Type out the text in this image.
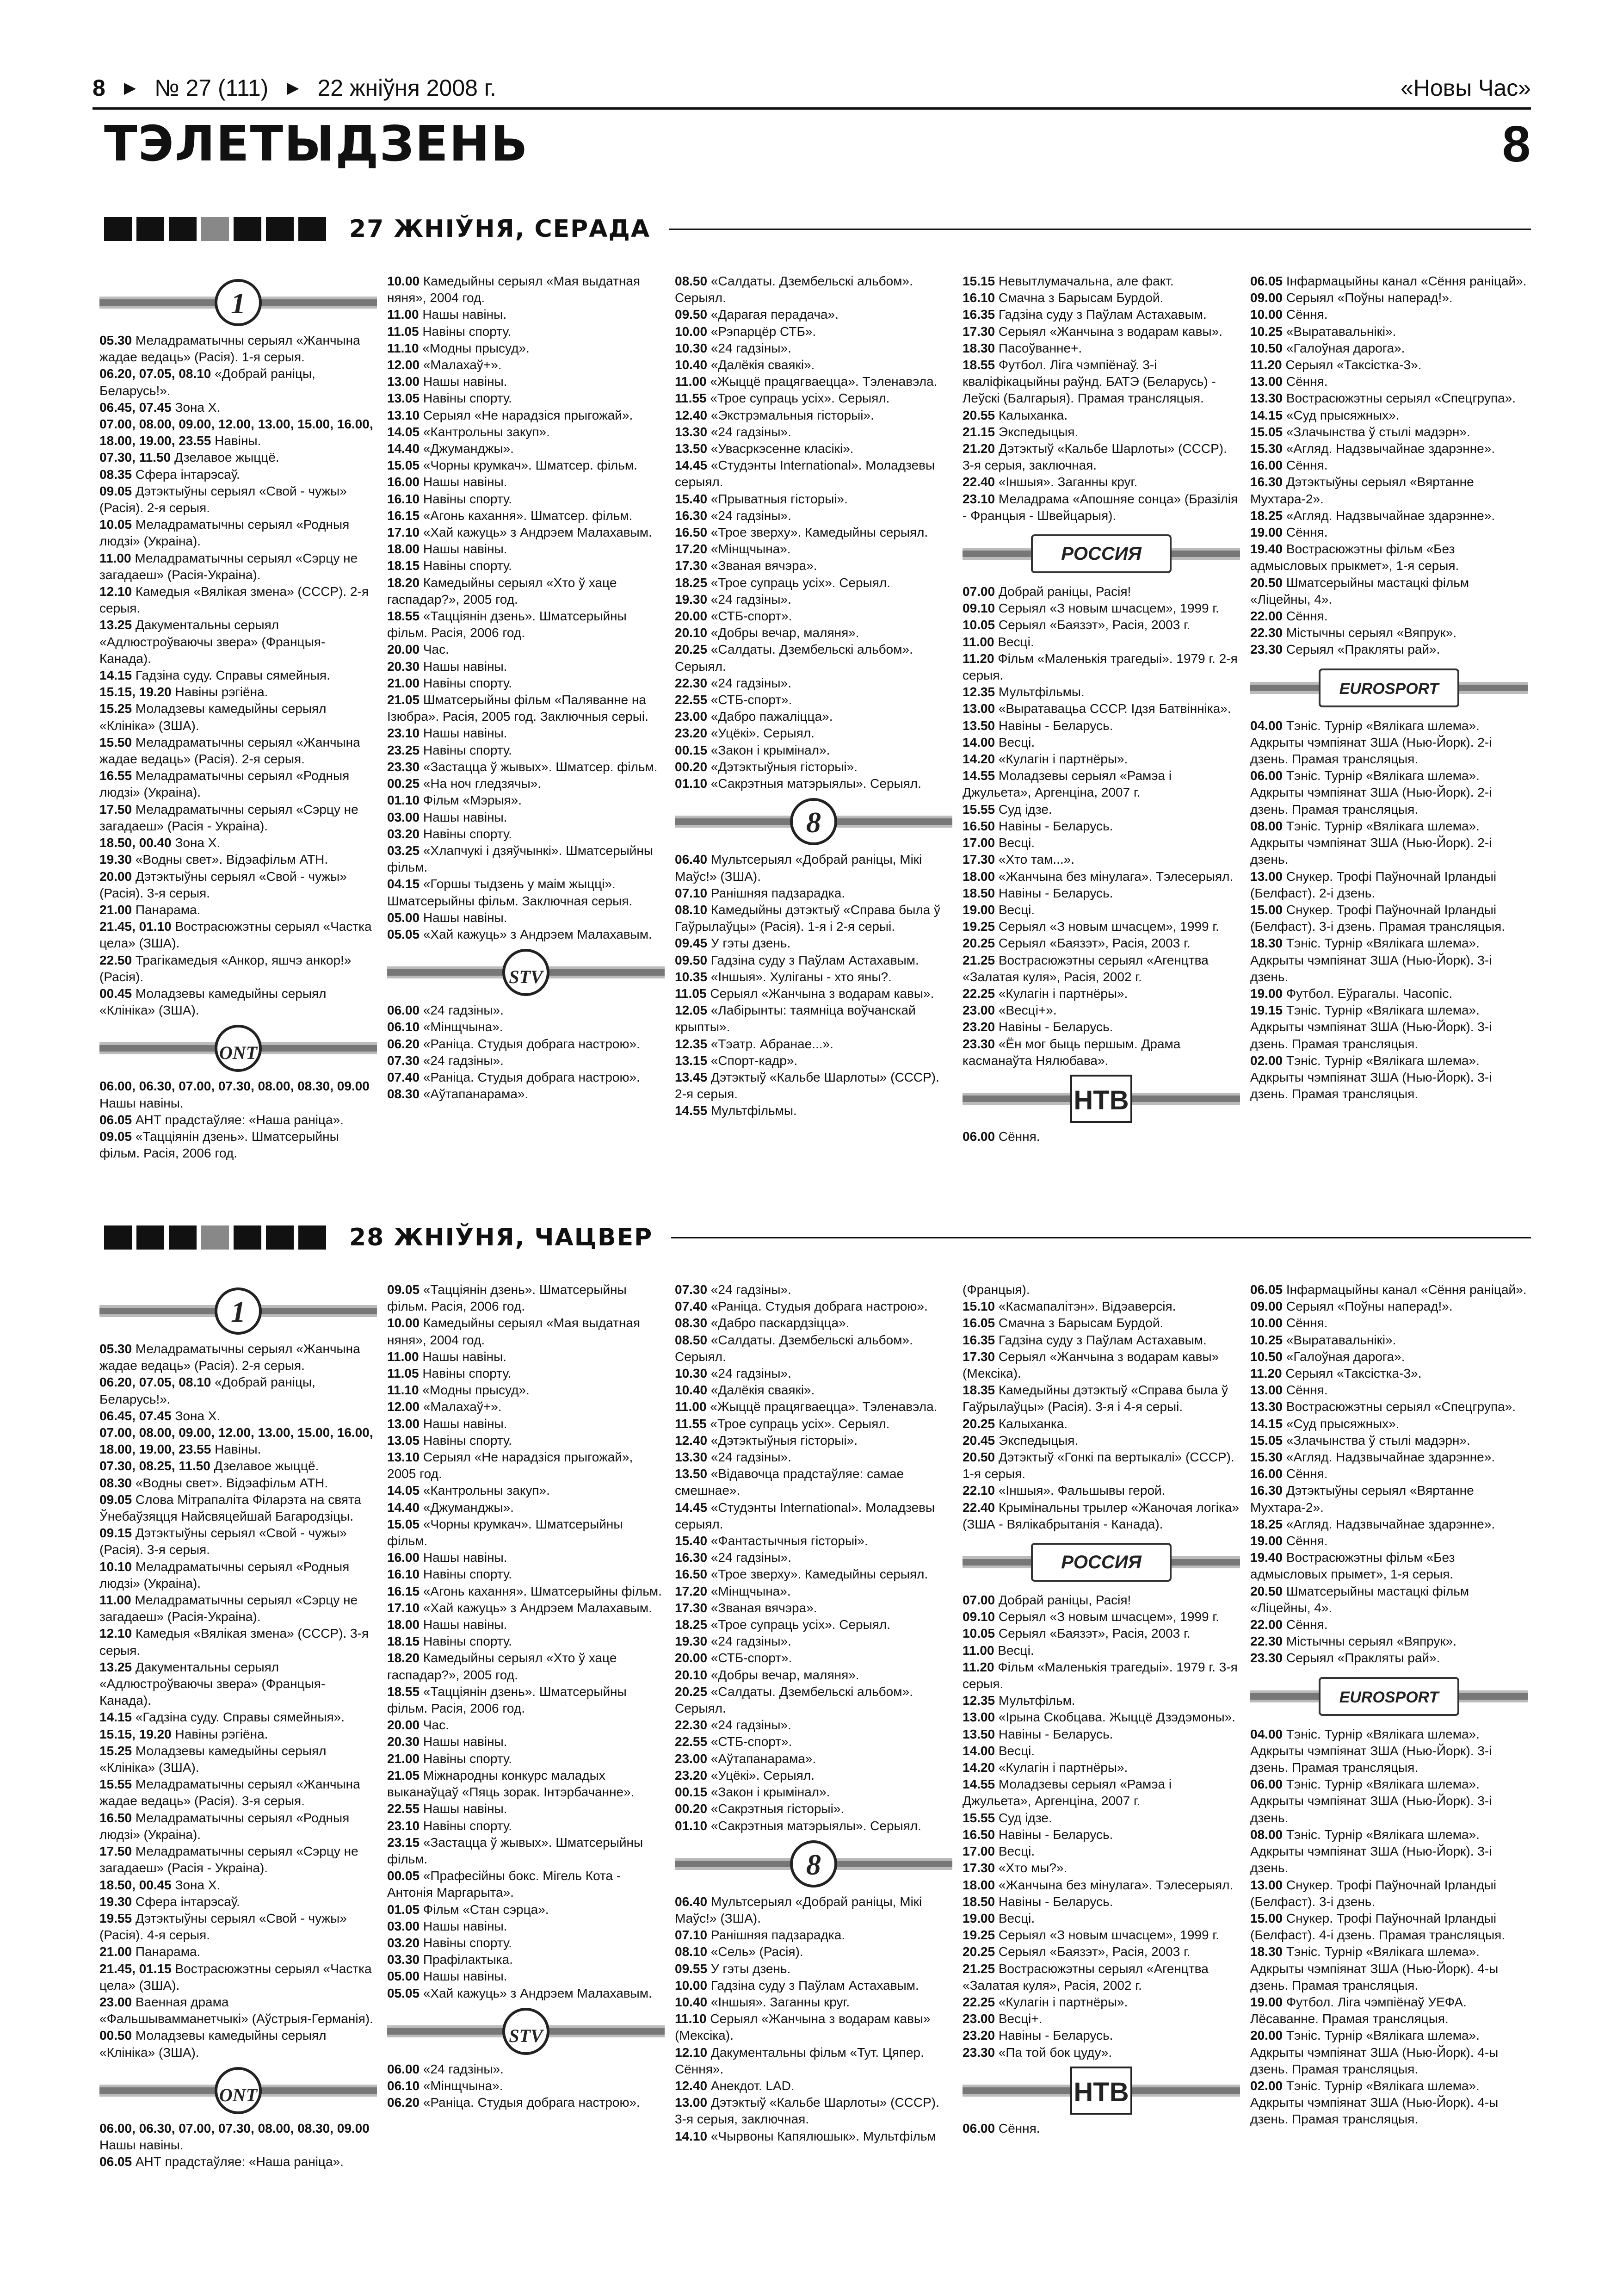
8 ▶ № 27 (111) ▶ 22 жніўня 2008 г.	«Новы Час»
ТЭЛЕТЫДЗЕНЬ	8
27 ЖНІЎНЯ, СЕРАДА
1

05.30 Меладраматычны серыял «Жанчына жадае ведаць» (Расія). 1-я серыя.

06.20, 07.05, 08.10 «Добрай раніцы, Беларусь!».

06.45, 07.45 Зона Х.

07.00, 08.00, 09.00, 12.00, 13.00, 15.00, 16.00, 18.00, 19.00, 23.55 Навіны.

07.30, 11.50 Дзелавое жыццё.

08.35 Сфера інтарэсаў.

09.05 Дэтэктыўны серыял «Свой - чужы» (Расія). 2-я серыя.

10.05 Меладраматычны серыял «Родныя людзі» (Украіна).

11.00 Меладраматычны серыял «Сэрцу не загадаеш» (Расія-Украіна).

12.10 Камедыя «Вялікая змена» (СССР). 2-я серыя.

13.25 Дакументальны серыял «Адлюстроўваючы звера» (Францыя-Канада).

14.15 Гадзіна суду. Справы сямейныя.

15.15, 19.20 Навіны рэгіёна.

15.25 Моладзевы камедыйны серыял «Клініка» (ЗША).

15.50 Меладраматычны серыял «Жанчына жадае ведаць» (Расія). 2-я серыя.

16.55 Меладраматычны серыял «Родныя людзі» (Украіна).

17.50 Меладраматычны серыял «Сэрцу не загадаеш» (Расія - Украіна).

18.50, 00.40 Зона Х.

19.30 «Водны свет». Відэафільм АТН.

20.00 Дэтэктыўны серыял «Свой - чужы» (Расія). 3-я серыя.

21.00 Панарама.

21.45, 01.10 Вострасюжэтны серыял «Частка цела» (ЗША).

22.50 Трагікамедыя «Анкор, яшчэ анкор!» (Расія).

00.45 Моладзевы камедыйны серыял «Клініка» (ЗША).

ONT

06.00, 06.30, 07.00, 07.30, 08.00, 08.30, 09.00 Нашы навіны.

06.05 АНТ прадстаўляе: «Наша раніца».

09.05 «Тацціянін дзень». Шматсерыйны фільм. Расія, 2006 год.

10.00 Камедыйны серыял «Мая выдатная няня», 2004 год.

11.00 Нашы навіны.

11.05 Навіны спорту.

11.10 «Модны прысуд».

12.00 «Малахаў+».

13.00 Нашы навіны.

13.05 Навіны спорту.

13.10 Серыял «Не нарадзіся прыгожай».

14.05 «Кантрольны закуп».

14.40 «Джуманджы».

15.05 «Чорны крумкач». Шматсер. фільм.

16.00 Нашы навіны.

16.10 Навіны спорту.

16.15 «Агонь кахання». Шматсер. фільм.

17.10 «Хай кажуць» з Андрэем Малахавым.

18.00 Нашы навіны.

18.15 Навіны спорту.

18.20 Камедыйны серыял «Хто ў хаце гаспадар?», 2005 год.

18.55 «Тацціянін дзень». Шматсерыйны фільм. Расія, 2006 год.

20.00 Час.

20.30 Нашы навіны.

21.00 Навіны спорту.

21.05 Шматсерыйны фільм «Паляванне на Ізюбра». Расія, 2005 год. Заключныя серыі.

23.10 Нашы навіны.

23.25 Навіны спорту.

23.30 «Застацца ў жывых». Шматсер. фільм.

00.25 «На ноч гледзячы».

01.10 Фільм «Мэрыя».

03.00 Нашы навіны.

03.20 Навіны спорту.

03.25 «Хлапчукі і дзяўчынкі». Шматсерыйны фільм.

04.15 «Горшы тыдзень у маім жыцці». Шматсерыйны фільм. Заключная серыя.

05.00 Нашы навіны.

05.05 «Хай кажуць» з Андрэем Малахавым.

STV

06.00 «24 гадзіны».

06.10 «Мінщчына».

06.20 «Раніца. Студыя добрага настрою».

07.30 «24 гадзіны».

07.40 «Раніца. Студыя добрага настрою».

08.30 «Аўтапанарама».

08.50 «Салдаты. Дзембельскі альбом». Серыял.

09.50 «Дарагая перадача».

10.00 «Рэпарцёр СТБ».

10.30 «24 гадзіны».

10.40 «Далёкія сваякі».

11.00 «Жыццё працягваецца». Тэленавэла.

11.55 «Трое супраць усіх». Серыял.

12.40 «Экстрэмальныя гісторыі».

13.30 «24 гадзіны».

13.50 «Увасркэсенне класікі».

14.45 «Студэнты International». Моладзевы серыял.

15.40 «Прыватныя гісторыі».

16.30 «24 гадзіны».

16.50 «Трое зверху». Камедыйны серыял.

17.20 «Мінщчына».

17.30 «Званая вячэра».

18.25 «Трое супраць усіх». Серыял.

19.30 «24 гадзіны».

20.00 «СТБ-спорт».

20.10 «Добры вечар, маляня».

20.25 «Салдаты. Дзембельскі альбом». Серыял.

22.30 «24 гадзіны».

22.55 «СТБ-спорт».

23.00 «Дабро пажаліцца».

23.20 «Уцёкі». Серыял.

00.15 «Закон і крымінал».

00.20 «Дэтэктыўныя гісторыі».

01.10 «Сакрэтныя матэрыялы». Серыял.

8

06.40 Мультсерыял «Добрай раніцы, Мікі Маўс!» (ЗША).

07.10 Ранішняя падзарадка.

08.10 Камедыйны дэтэктыў «Справа была ў Гаўрылаўцы» (Расія). 1-я і 2-я серыі.

09.45 У гэты дзень.

09.50 Гадзіна суду з Паўлам Астахавым.

10.35 «Іншыя». Хуліганы - хто яны?.

11.05 Серыял «Жанчына з водарам кавы».

12.05 «Лабірынты: таямніца воўчанскай крыпты».

12.35 «Тэатр. Абранае...».

13.15 «Спорт-кадр».

13.45 Дэтэктыў «Кальбе Шарлоты» (СССР). 2-я серыя.

14.55 Мультфільмы.

15.15 Невытлумачальна, але факт.

16.10 Смачна з Барысам Бурдой.

16.35 Гадзіна суду з Паўлам Астахавым.

17.30 Серыял «Жанчына з водарам кавы».

18.30 Пасоўванне+.

18.55 Футбол. Ліга чэмпіёнаў. 3-і кваліфікацыйны раўнд. БАТЭ (Беларусь) - Леўскі (Балгарыя). Прамая трансляцыя.

20.55 Калыханка.

21.15 Экспедыцыя.

21.20 Дэтэктыў «Кальбе Шарлоты» (СССР). 3-я серыя, заключная.

22.40 «Іншыя». Заганны круг.

23.10 Меладрама «Апошняе сонца» (Бразілія - Францыя - Швейцарыя).

РОССИЯ

07.00 Добрай раніцы, Расія!

09.10 Серыял «З новым шчасцем», 1999 г.

10.05 Серыял «Баязэт», Расія, 2003 г.

11.00 Весці.

11.20 Фільм «Маленькія трагедыі». 1979 г. 2-я серыя.

12.35 Мультфільмы.

13.00 «Выратавацьа СССР. Ідзя Батвінніка».

13.50 Навіны - Беларусь.

14.00 Весці.

14.20 «Кулагін і партнёры».

14.55 Моладзевы серыял «Рамэа і Джульета», Аргенціна, 2007 г.

15.55 Суд ідзе.

16.50 Навіны - Беларусь.

17.00 Весці.

17.30 «Хто там...».

18.00 «Жанчына без мінулага». Тэлесерыял.

18.50 Навіны - Беларусь.

19.00 Весці.

19.25 Серыял «З новым шчасцем», 1999 г.

20.25 Серыял «Баязэт», Расія, 2003 г.

21.25 Вострасюжэтны серыял «Агенцтва «Залатая куля», Расія, 2002 г.

22.25 «Кулагін і партнёры».

23.00 «Весці+».

23.20 Навіны - Беларусь.

23.30 «Ён мог быць першым. Драма касманаўта Нялюбава».

НТВ

06.00 Сёння.

06.05 Інфармацыйны канал «Сёння раніцай».

09.00 Серыял «Поўны наперад!».

10.00 Сёння.

10.25 «Выратавальнікі».

10.50 «Галоўная дарога».

11.20 Серыял «Таксістка-3».

13.00 Сёння.

13.30 Вострасюжэтны серыял «Спецгрупа».

14.15 «Суд прысяжных».

15.05 «Злачынства ў стылі мадэрн».

15.30 «Агляд. Надзвычайнае здарэнне».

16.00 Сёння.

16.30 Дэтэктыўны серыял «Вяртанне Мухтара-2».

18.25 «Агляд. Надзвычайнае здарэнне».

19.00 Сёння.

19.40 Вострасюжэтны фільм «Без адмысловых прыкмет», 1-я серыя.

20.50 Шматсерыйны мастацкі фільм «Ліцейны, 4».

22.00 Сёння.

22.30 Містычны серыял «Вяпрук».

23.30 Серыял «Пракляты рай».

EUROSPORT

04.00 Тэніс. Турнір «Вялікага шлема». Адкрыты чэмпіянат ЗША (Нью-Йорк). 2-і дзень. Прамая трансляцыя.

06.00 Тэніс. Турнір «Вялікага шлема». Адкрыты чэмпіянат ЗША (Нью-Йорк). 2-і дзень. Прамая трансляцыя.

08.00 Тэніс. Турнір «Вялікага шлема». Адкрыты чэмпіянат ЗША (Нью-Йорк). 2-і дзень.

13.00 Снукер. Трофі Паўночнай Ірландыі (Белфаст). 2-і дзень.

15.00 Снукер. Трофі Паўночнай Ірландыі (Белфаст). 3-і дзень. Прамая трансляцыя.

18.30 Тэніс. Турнір «Вялікага шлема». Адкрыты чэмпіянат ЗША (Нью-Йорк). 3-і дзень.

19.00 Футбол. Еўрагалы. Часопіс.

19.15 Тэніс. Турнір «Вялікага шлема». Адкрыты чэмпіянат ЗША (Нью-Йорк). 3-і дзень. Прамая трансляцыя.

02.00 Тэніс. Турнір «Вялікага шлема». Адкрыты чэмпіянат ЗША (Нью-Йорк). 3-і дзень. Прамая трансляцыя.

28 ЖНІЎНЯ, ЧАЦВЕР
1

05.30 Меладраматычны серыял «Жанчына жадае ведаць» (Расія). 2-я серыя.

06.20, 07.05, 08.10 «Добрай раніцы, Беларусь!».

06.45, 07.45 Зона Х.

07.00, 08.00, 09.00, 12.00, 13.00, 15.00, 16.00, 18.00, 19.00, 23.55 Навіны.

07.30, 08.25, 11.50 Дзелавое жыццё.

08.30 «Водны свет». Відэафільм АТН.

09.05 Слова Мітрапаліта Філарэта на свята Ўнебаўзяцця Найсвяцейшай Багародзіцы.

09.15 Дэтэктыўны серыял «Свой - чужы» (Расія). 3-я серыя.

10.10 Меладраматычны серыял «Родныя людзі» (Украіна).

11.00 Меладраматычны серыял «Сэрцу не загадаеш» (Расія-Украіна).

12.10 Камедыя «Вялікая змена» (СССР). 3-я серыя.

13.25 Дакументальны серыял «Адлюстроўваючы звера» (Францыя-Канада).

14.15 «Гадзіна суду. Справы сямейныя».

15.15, 19.20 Навіны рэгіёна.

15.25 Моладзевы камедыйны серыял «Клініка» (ЗША).

15.55 Меладраматычны серыял «Жанчына жадае ведаць» (Расія). 3-я серыя.

16.50 Меладраматычны серыял «Родныя людзі» (Украіна).

17.50 Меладраматычны серыял «Сэрцу не загадаеш» (Расія - Украіна).

18.50, 00.45 Зона Х.

19.30 Сфера інтарэсаў.

19.55 Дэтэктыўны серыял «Свой - чужы» (Расія). 4-я серыя.

21.00 Панарама.

21.45, 01.15 Вострасюжэтны серыял «Частка цела» (ЗША).

23.00 Ваенная драма «Фальшывамманетчыкі» (Аўстрыя-Германія).

00.50 Моладзевы камедыйны серыял «Клініка» (ЗША).

ONT

06.00, 06.30, 07.00, 07.30, 08.00, 08.30, 09.00 Нашы навіны.

06.05 АНТ прадстаўляе: «Наша раніца».

09.05 «Тацціянін дзень». Шматсерыйны фільм. Расія, 2006 год.

10.00 Камедыйны серыял «Мая выдатная няня», 2004 год.

11.00 Нашы навіны.

11.05 Навіны спорту.

11.10 «Модны прысуд».

12.00 «Малахаў+».

13.00 Нашы навіны.

13.05 Навіны спорту.

13.10 Серыял «Не нарадзіся прыгожай», 2005 год.

14.05 «Кантрольны закуп».

14.40 «Джуманджы».

15.05 «Чорны крумкач». Шматсерыйны фільм.

16.00 Нашы навіны.

16.10 Навіны спорту.

16.15 «Агонь кахання». Шматсерыйны фільм.

17.10 «Хай кажуць» з Андрэем Малахавым.

18.00 Нашы навіны.

18.15 Навіны спорту.

18.20 Камедыйны серыял «Хто ў хаце гаспадар?», 2005 год.

18.55 «Тацціянін дзень». Шматсерыйны фільм. Расія, 2006 год.

20.00 Час.

20.30 Нашы навіны.

21.00 Навіны спорту.

21.05 Міжнародны конкурс маладых выканаўцаў «Пяць зорак. Інтэрбачанне».

22.55 Нашы навіны.

23.10 Навіны спорту.

23.15 «Застацца ў жывых». Шматсерыйны фільм.

00.05 «Прафесійны бокс. Мігель Кота - Антонія Маргарыта».

01.05 Фільм «Стан сэрца».

03.00 Нашы навіны.

03.20 Навіны спорту.

03.30 Прафілактыка.

05.00 Нашы навіны.

05.05 «Хай кажуць» з Андрэем Малахавым.

STV

06.00 «24 гадзіны».

06.10 «Мінщчына».

06.20 «Раніца. Студыя добрага настрою».

07.30 «24 гадзіны».

07.40 «Раніца. Студыя добрага настрою».

08.30 «Дабро паскардзіцца».

08.50 «Салдаты. Дзембельскі альбом». Серыял.

10.30 «24 гадзіны».

10.40 «Далёкія сваякі».

11.00 «Жыццё працягваецца». Тэленавэла.

11.55 «Трое супраць усіх». Серыял.

12.40 «Дэтэктыўныя гісторыі».

13.30 «24 гадзіны».

13.50 «Відавочца прадстаўляе: самае смешнае».

14.45 «Студэнты International». Моладзевы серыял.

15.40 «Фантастычныя гісторыі».

16.30 «24 гадзіны».

16.50 «Трое зверху». Камедыйны серыял.

17.20 «Мінщчына».

17.30 «Званая вячэра».

18.25 «Трое супраць усіх». Серыял.

19.30 «24 гадзіны».

20.00 «СТБ-спорт».

20.10 «Добры вечар, маляня».

20.25 «Салдаты. Дзембельскі альбом». Серыял.

22.30 «24 гадзіны».

22.55 «СТБ-спорт».

23.00 «Аўтапанарама».

23.20 «Уцёкі». Серыял.

00.15 «Закон і крымінал».

00.20 «Сакрэтныя гісторыі».

01.10 «Сакрэтныя матэрыялы». Серыял.

8

06.40 Мультсерыял «Добрай раніцы, Мікі Маўс!» (ЗША).

07.10 Ранішняя падзарадка.

08.10 «Сель» (Расія).

09.55 У гэты дзень.

10.00 Гадзіна суду з Паўлам Астахавым.

10.40 «Іншыя». Заганны круг.

11.10 Серыял «Жанчына з водарам кавы» (Мексіка).

12.10 Дакументальны фільм «Тут. Цяпер. Сёння».

12.40 Анекдот. LAD.

13.00 Дэтэктыў «Кальбе Шарлоты» (СССР). 3-я серыя, заключная.

14.10 «Чырвоны Капялюшык». Мультфільм

(Францыя).

15.10 «Касмапалітэн». Відэаверсія.

16.05 Смачна з Барысам Бурдой.

16.35 Гадзіна суду з Паўлам Астахавым.

17.30 Серыял «Жанчына з водарам кавы» (Мексіка).

18.35 Камедыйны дэтэктыў «Справа была ў Гаўрылаўцы» (Расія). 3-я і 4-я серыі.

20.25 Калыханка.

20.45 Экспедыцыя.

20.50 Дэтэктыў «Гонкі па вертыкалі» (СССР). 1-я серыя.

22.10 «Іншыя». Фальшывы герой.

22.40 Крымінальны трылер «Жаночая логіка» (ЗША - Вялікабрытанія - Канада).

РОССИЯ

07.00 Добрай раніцы, Расія!

09.10 Серыял «З новым шчасцем», 1999 г.

10.05 Серыял «Баязэт», Расія, 2003 г.

11.00 Весці.

11.20 Фільм «Маленькія трагедыі». 1979 г. 3-я серыя.

12.35 Мультфільм.

13.00 «Ірына Скобцава. Жыццё Дзэдэмоны».

13.50 Навіны - Беларусь.

14.00 Весці.

14.20 «Кулагін і партнёры».

14.55 Моладзевы серыял «Рамэа і Джульета», Аргенціна, 2007 г.

15.55 Суд ідзе.

16.50 Навіны - Беларусь.

17.00 Весці.

17.30 «Хто мы?».

18.00 «Жанчына без мінулага». Тэлесерыял.

18.50 Навіны - Беларусь.

19.00 Весці.

19.25 Серыял «З новым шчасцем», 1999 г.

20.25 Серыял «Баязэт», Расія, 2003 г.

21.25 Вострасюжэтны серыял «Агенцтва «Залатая куля», Расія, 2002 г.

22.25 «Кулагін і партнёры».

23.00 Весці+.

23.20 Навіны - Беларусь.

23.30 «Па той бок цуду».

НТВ

06.00 Сёння.

06.05 Інфармацыйны канал «Сёння раніцай».

09.00 Серыял «Поўны наперад!».

10.00 Сёння.

10.25 «Выратавальнікі».

10.50 «Галоўная дарога».

11.20 Серыял «Таксістка-3».

13.00 Сёння.

13.30 Вострасюжэтны серыял «Спецгрупа».

14.15 «Суд прысяжных».

15.05 «Злачынства ў стылі мадэрн».

15.30 «Агляд. Надзвычайнае здарэнне».

16.00 Сёння.

16.30 Дэтэктыўны серыял «Вяртанне Мухтара-2».

18.25 «Агляд. Надзвычайнае здарэнне».

19.00 Сёння.

19.40 Вострасюжэтны фільм «Без адмысловых прымет», 1-я серыя.

20.50 Шматсерыйны мастацкі фільм «Ліцейны, 4».

22.00 Сёння.

22.30 Містычны серыял «Вяпрук».

23.30 Серыял «Пракляты рай».

EUROSPORT

04.00 Тэніс. Турнір «Вялікага шлема». Адкрыты чэмпіянат ЗША (Нью-Йорк). 3-і дзень. Прамая трансляцыя.

06.00 Тэніс. Турнір «Вялікага шлема». Адкрыты чэмпіянат ЗША (Нью-Йорк). 3-і дзень.

08.00 Тэніс. Турнір «Вялікага шлема». Адкрыты чэмпіянат ЗША (Нью-Йорк). 3-і дзень.

13.00 Снукер. Трофі Паўночнай Ірландыі (Белфаст). 3-і дзень.

15.00 Снукер. Трофі Паўночнай Ірландыі (Белфаст). 4-і дзень. Прамая трансляцыя.

18.30 Тэніс. Турнір «Вялікага шлема». Адкрыты чэмпіянат ЗША (Нью-Йорк). 4-ы дзень. Прамая трансляцыя.

19.00 Футбол. Ліга чэмпіёнаў УЕФА. Лёсаванне. Прамая трансляцыя.

20.00 Тэніс. Турнір «Вялікага шлема». Адкрыты чэмпіянат ЗША (Нью-Йорк). 4-ы дзень. Прамая трансляцыя.

02.00 Тэніс. Турнір «Вялікага шлема». Адкрыты чэмпіянат ЗША (Нью-Йорк). 4-ы дзень. Прамая трансляцыя.
